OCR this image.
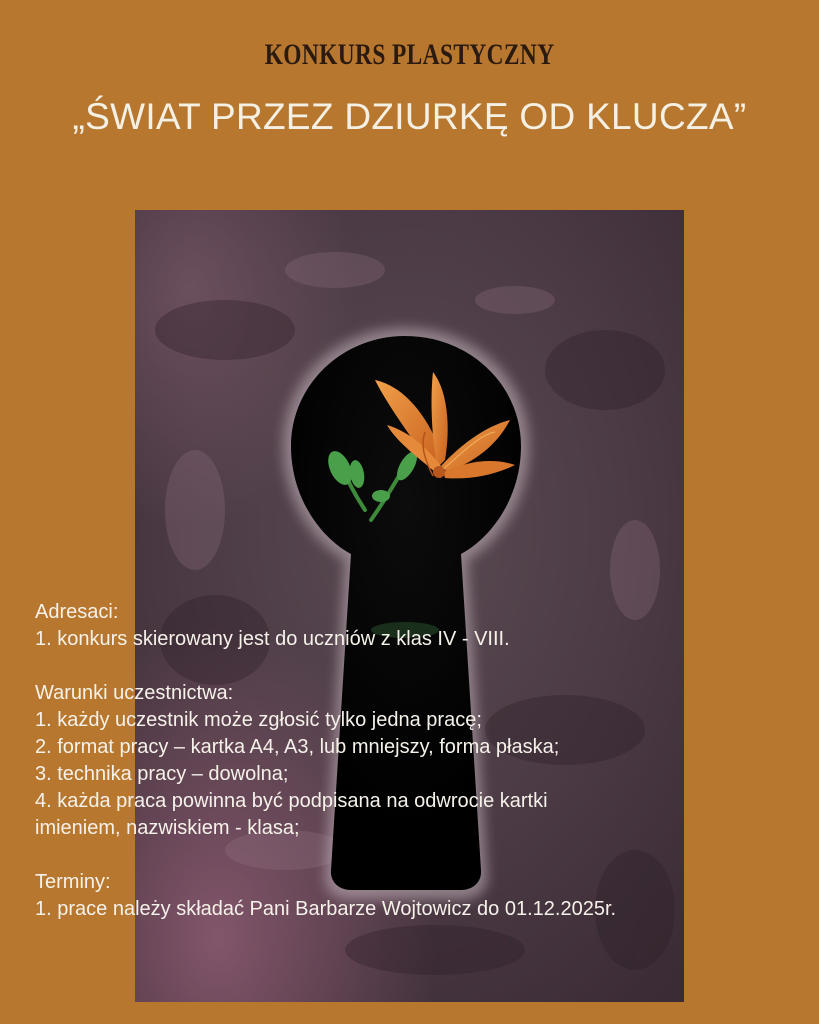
KONKURS PLASTYCZNY
„ŚWIAT PRZEZ DZIURKĘ OD KLUCZA”

Adresaci:

1. konkurs skierowany jest do uczniów z klas IV - VIII.

Warunki uczestnictwa:

1. każdy uczestnik może zgłosić tylko jedna pracę;

2. format pracy – kartka A4, A3, lub mniejszy, forma płaska;

3. technika pracy – dowolna;

4. każda praca powinna być podpisana na odwrocie kartki

imieniem, nazwiskiem - klasa;

Terminy:

1. prace należy składać Pani Barbarze Wojtowicz do 01.12.2025r.
